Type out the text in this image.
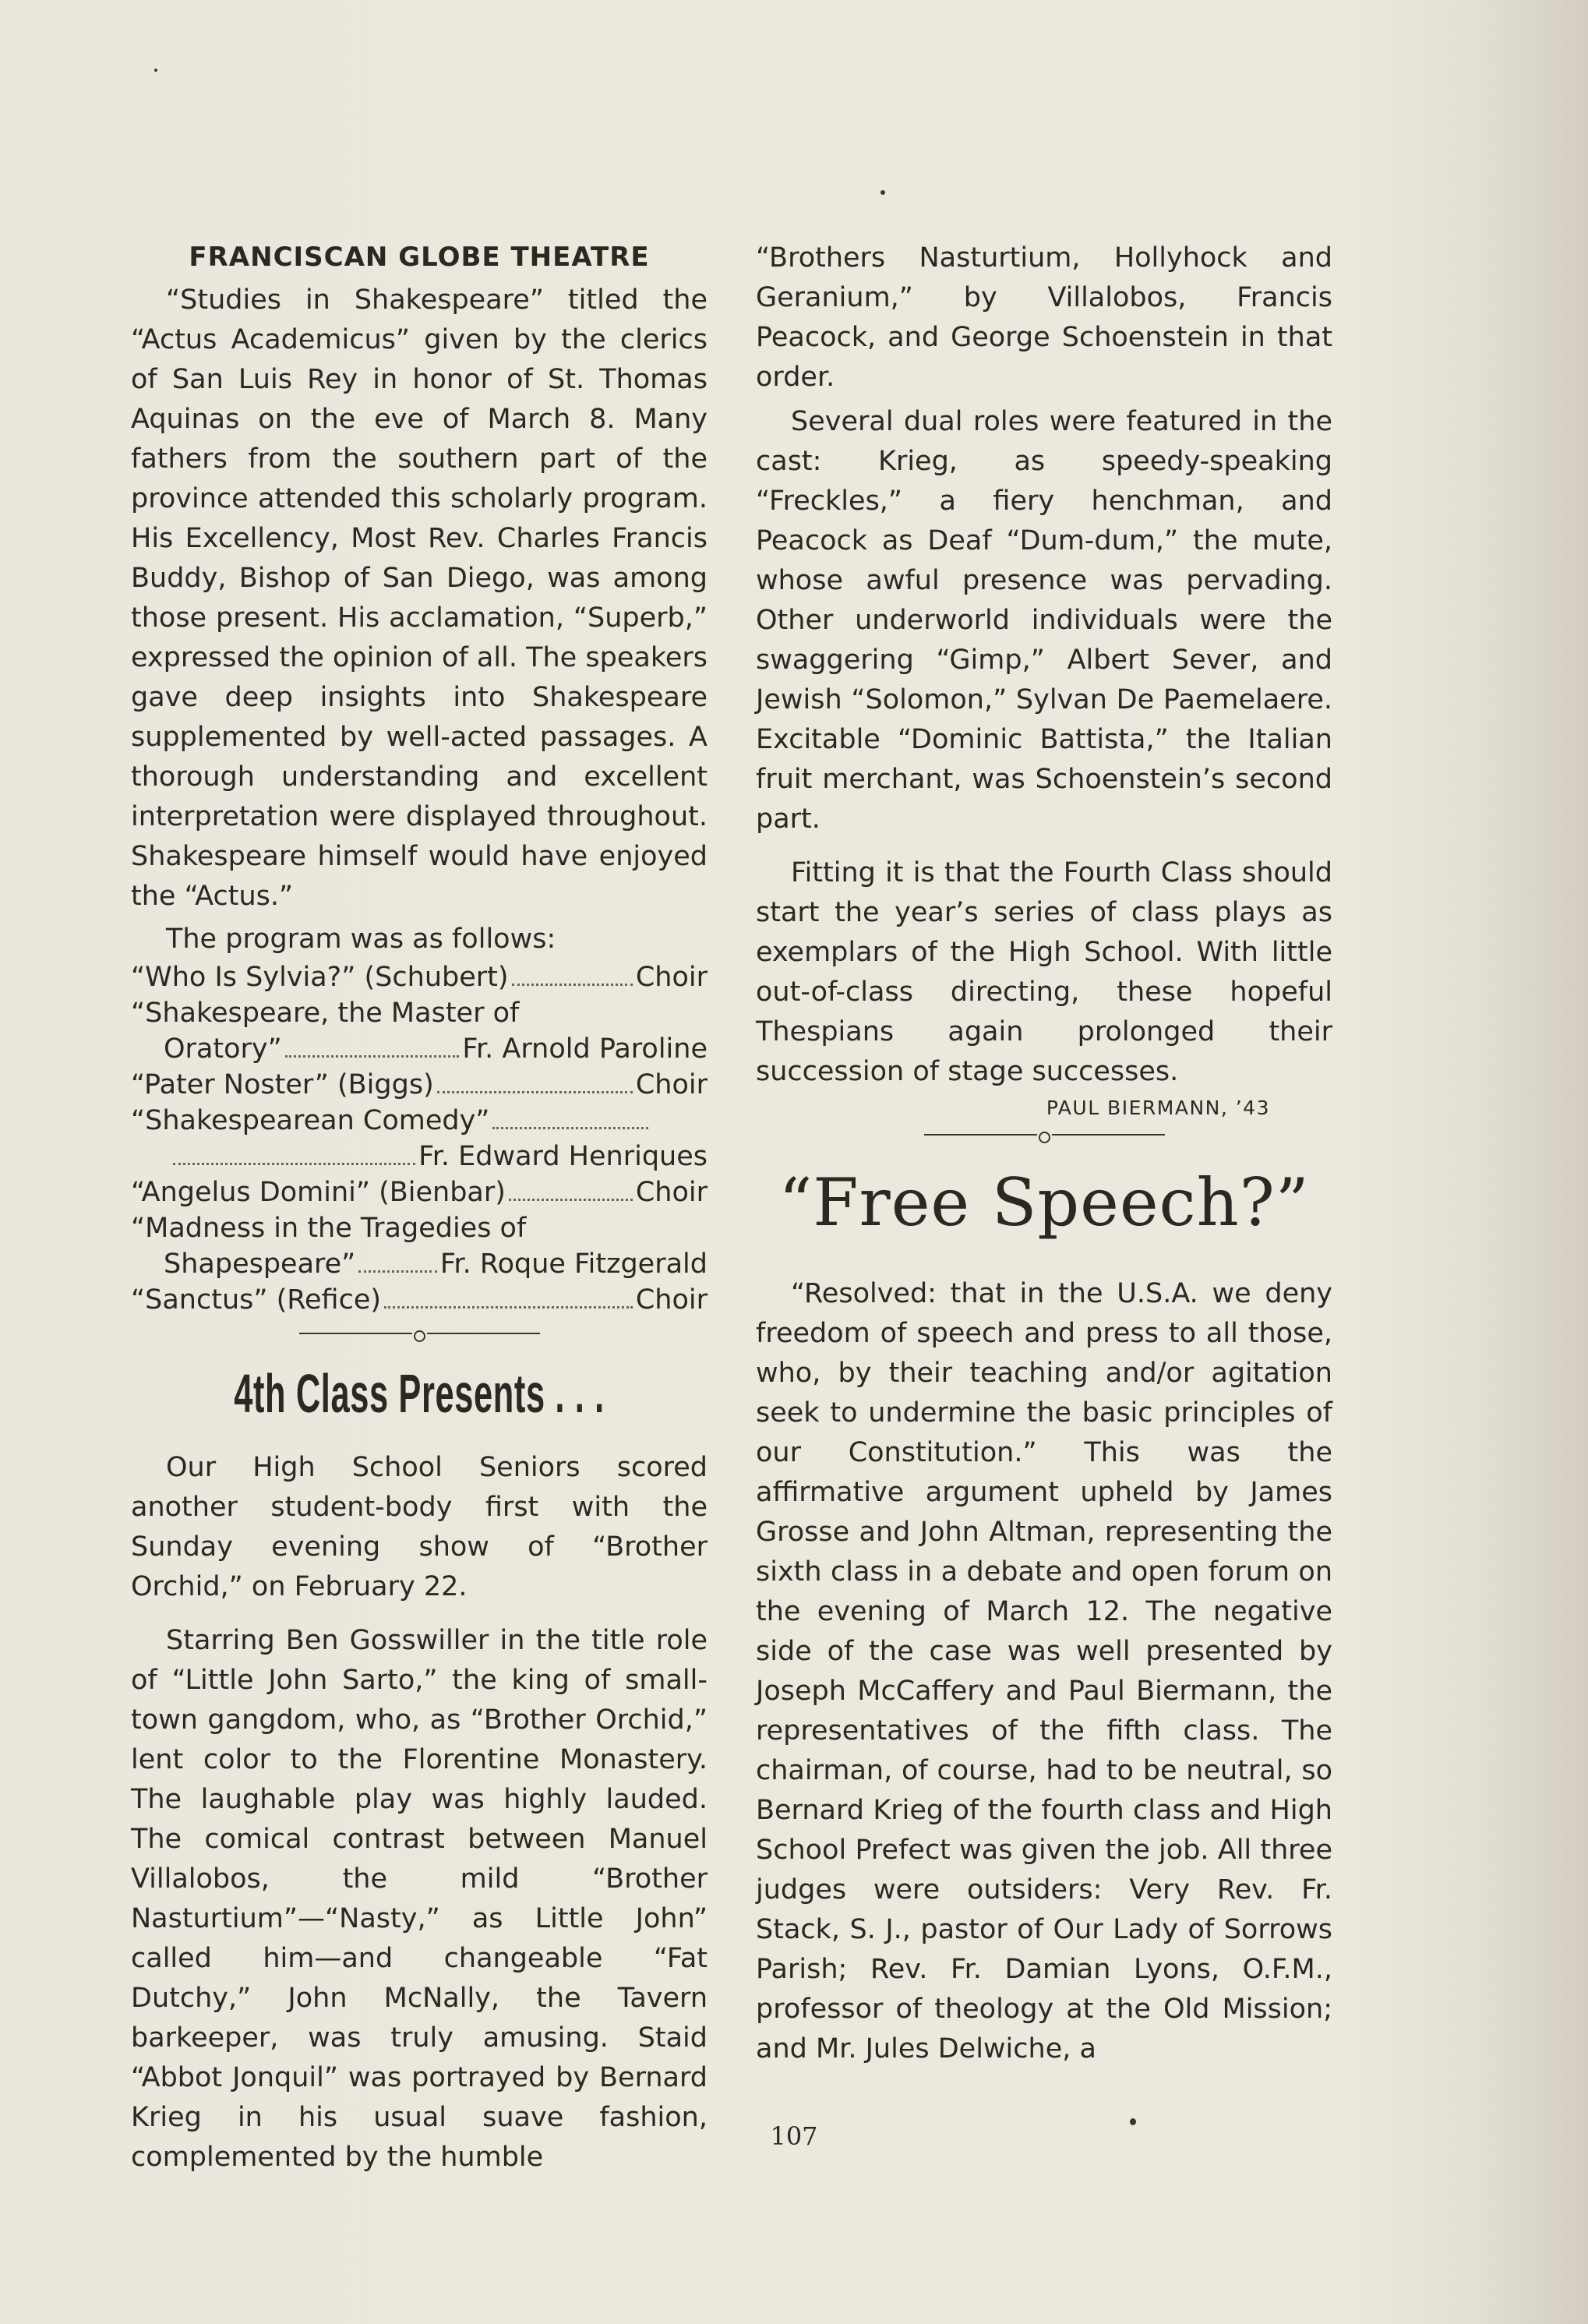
FRANCISCAN GLOBE THEATRE

“Studies in Shakespeare” titled the “Actus Academicus” given by the clerics of San Luis Rey in honor of St. Thomas Aquinas on the eve of March 8. Many fathers from the southern part of the province attended this scholarly program. His Excellency, Most Rev. Charles Francis Buddy, Bishop of San Diego, was among those present. His acclamation, “Superb,” expressed the opinion of all. The speakers gave deep insights into Shakespeare supplemented by well-acted passages. A thorough understanding and excellent interpretation were displayed throughout. Shakespeare himself would have enjoyed the “Actus.”

The program was as follows:

“Who Is Sylvia?” (Schubert)	Choir
“Shakespeare, the Master of
Oratory”	Fr. Arnold Paroline
“Pater Noster” (Biggs)	Choir
“Shakespearean Comedy”
Fr. Edward Henriques
“Angelus Domini” (Bienbar)	Choir
“Madness in the Tragedies of
Shapespeare”	Fr. Roque Fitzgerald
“Sanctus” (Refice)	Choir
4th Class Presents . . .

Our High School Seniors scored another student-body first with the Sunday evening show of “Brother Orchid,” on February 22.

Starring Ben Gosswiller in the title role of “Little John Sarto,” the king of small-town gangdom, who, as “Brother Orchid,” lent color to the Florentine Monastery. The laughable play was highly lauded. The comical contrast between Manuel Villalobos, the mild “Brother Nasturtium”—“Nasty,” as Little John” called him—and changeable “Fat Dutchy,” John McNally, the Tavern barkeeper, was truly amusing. Staid “Abbot Jonquil” was portrayed by Bernard Krieg in his usual suave fashion, complemented by the humble

“Brothers Nasturtium, Hollyhock and Geranium,” by Villalobos, Francis Peacock, and George Schoenstein in that order.

Several dual roles were featured in the cast: Krieg, as speedy-speaking “Freckles,” a fiery henchman, and Peacock as Deaf “Dum-dum,” the mute, whose awful presence was pervading. Other underworld individuals were the swaggering “Gimp,” Albert Sever, and Jewish “Solomon,” Sylvan De Paemelaere. Excitable “Dominic Battista,” the Italian fruit merchant, was Schoenstein’s second part.

Fitting it is that the Fourth Class should start the year’s series of class plays as exemplars of the High School. With little out-of-class directing, these hopeful Thespians again prolonged their succession of stage successes.

PAUL BIERMANN, ’43
“Free Speech?”

“Resolved: that in the U.S.A. we deny freedom of speech and press to all those, who, by their teaching and/or agitation seek to undermine the basic principles of our Constitution.” This was the affirmative argument upheld by James Grosse and John Altman, representing the sixth class in a debate and open forum on the evening of March 12. The negative side of the case was well presented by Joseph McCaffery and Paul Biermann, the representatives of the fifth class. The chairman, of course, had to be neutral, so Bernard Krieg of the fourth class and High School Prefect was given the job. All three judges were outsiders: Very Rev. Fr. Stack, S. J., pastor of Our Lady of Sorrows Parish; Rev. Fr. Damian Lyons, O.F.M., professor of theology at the Old Mission; and Mr. Jules Delwiche, a

107
